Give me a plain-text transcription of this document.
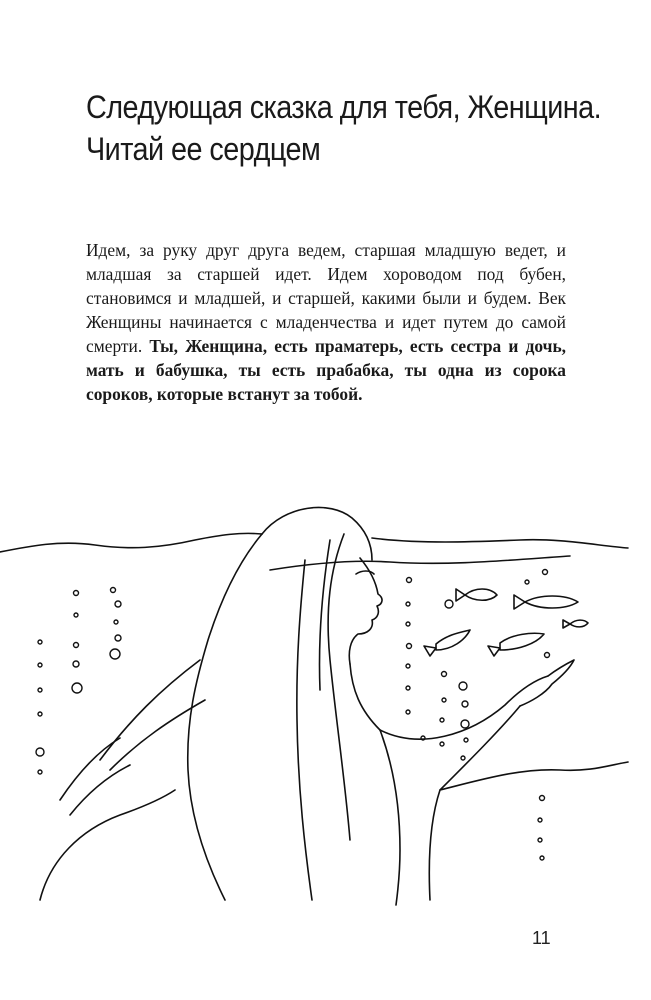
Следующая сказка для тебя, Женщина.
Читай ее сердцем

Идем, за руку друг друга ведем, старшая младшую ведет, и младшая за старшей идет. Идем хороводом под бубен, становимся и младшей, и старшей, какими были и будем. Век Женщины начинается с младенчества и идет путем до самой смерти. Ты, Женщина, есть праматерь, есть сестра и дочь, мать и бабушка, ты есть прабабка, ты одна из сорока сороков, которые встанут за тобой.

11
